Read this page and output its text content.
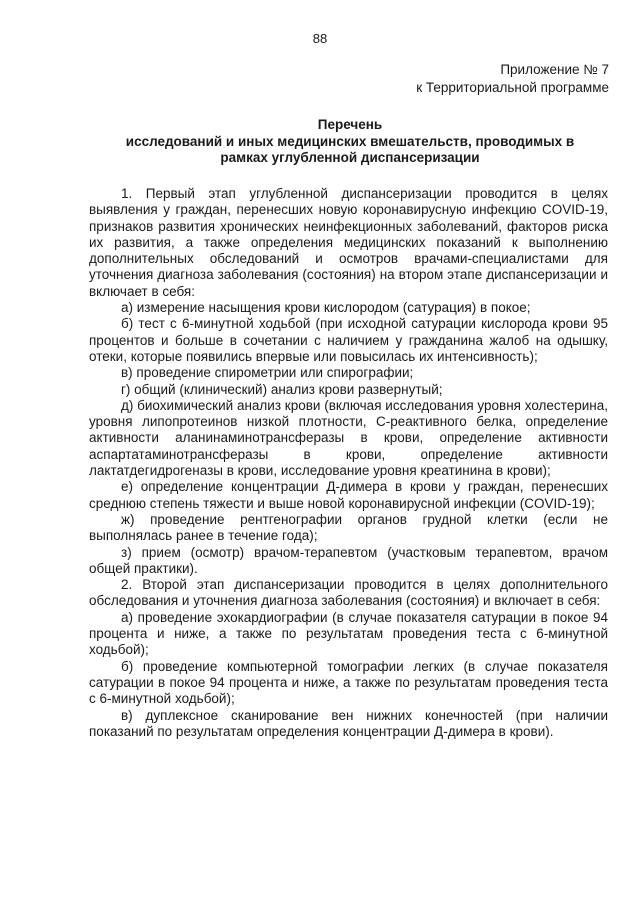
88
Приложение № 7
к Территориальной программе
Перечень
исследований и иных медицинских вмешательств, проводимых в
рамках углубленной диспансеризации

1. Первый этап углубленной диспансеризации проводится в целях выявления у граждан, перенесших новую коронавирусную инфекцию COVID-19, признаков развития хронических неинфекционных заболеваний, факторов риска их развития, а также определения медицинских показаний к выполнению дополнительных обследований и осмотров врачами-специалистами для уточнения диагноза заболевания (состояния) на втором этапе диспансеризации и включает в себя:

а) измерение насыщения крови кислородом (сатурация) в покое;

б) тест с 6-минутной ходьбой (при исходной сатурации кислорода крови 95 процентов и больше в сочетании с наличием у гражданина жалоб на одышку, отеки, которые появились впервые или повысилась их интенсивность);

в) проведение спирометрии или спирографии;

г) общий (клинический) анализ крови развернутый;

д) биохимический анализ крови (включая исследования уровня холестерина, уровня липопротеинов низкой плотности, С-реактивного белка, определение активности аланинаминотрансферазы в крови, определение активности аспартатаминотрансферазы в крови, определение активности лактатдегидрогеназы в крови, исследование уровня креатинина в крови);

е) определение концентрации Д-димера в крови у граждан, перенесших среднюю степень тяжести и выше новой коронавирусной инфекции (COVID-19);

ж) проведение рентгенографии органов грудной клетки (если не выполнялась ранее в течение года);

з) прием (осмотр) врачом-терапевтом (участковым терапевтом, врачом общей практики).

2. Второй этап диспансеризации проводится в целях дополнительного обследования и уточнения диагноза заболевания (состояния) и включает в себя:

а) проведение эхокардиографии (в случае показателя сатурации в покое 94 процента и ниже, а также по результатам проведения теста с 6-минутной ходьбой);

б) проведение компьютерной томографии легких (в случае показателя сатурации в покое 94 процента и ниже, а также по результатам проведения теста с 6-минутной ходьбой);

в) дуплексное сканирование вен нижних конечностей (при наличии показаний по результатам определения концентрации Д-димера в крови).
